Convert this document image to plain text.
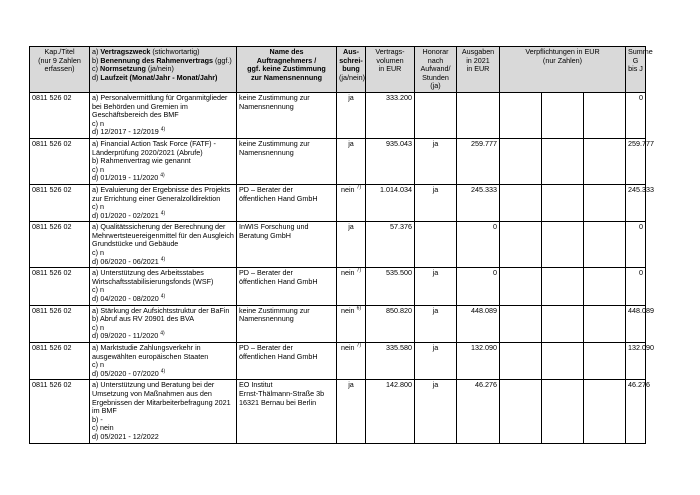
Kap./Titel
(nur 9 Zahlen
erfassen)	a) Vertragszweck (stichwortartig)
b) Benennung des Rahmenvertrags (ggf.)
c) Normsetzung (ja/nein)
d) Laufzeit (Monat/Jahr - Monat/Jahr)	Name des
Auftragnehmers /
ggf. keine Zustimmung
zur Namensnennung	Aus-
schrei-
bung
(ja/nein)	Vertrags-
volumen
in EUR	Honorar
nach
Aufwand/
Stunden
(ja)	Ausgaben
in 2021
in EUR	Verpflichtungen in EUR
(nur Zahlen)			Summe
G bis J

0811 526 02	a) Personalvermittlung für Organmitglieder bei Behörden und Gremien im Geschäftsbereich des BMF
c) n
d) 12/2017 - 12/2019 $^{4)}$	keine Zustimmung zur
Namensnennung	ja	333.200						0
0811 526 02	a) Financial Action Task Force (FATF) - Länderprüfung 2020/2021 (Abrufe)
b) Rahmenvertrag wie genannt
c) n
d) 01/2019 - 11/2020 $^{4)}$	keine Zustimmung zur
Namensnennung	ja	935.043	ja	259.777				259.777
0811 526 02	a) Evaluierung der Ergebnisse des Projekts zur Errichtung einer Generalzolldirektion
c) n
d) 01/2020 - 02/2021 $^{4)}$	PD – Berater der
öffentlichen Hand GmbH	nein $^{7)}$	1.014.034	ja	245.333				245.333
0811 526 02	a) Qualitätssicherung der Berechnung der Mehrwertsteuereigenmittel für den Ausgleich Grundstücke und Gebäude
c) n
d) 06/2020 - 06/2021 $^{4)}$	InWIS Forschung und
Beratung GmbH	ja	57.376		0				0
0811 526 02	a) Unterstützung des Arbeitsstabes Wirtschaftsstabilisierungsfonds (WSF)
c) n
d) 04/2020 - 08/2020 $^{4)}$	PD – Berater der
öffentlichen Hand GmbH	nein $^{7)}$	535.500	ja	0				0
0811 526 02	a) Stärkung der Aufsichtsstruktur der BaFin
b) Abruf aus RV 20901 des BVA
c) n
d) 09/2020 - 11/2020 $^{4)}$	keine Zustimmung zur
Namensnennung	nein $^{6)}$	850.820	ja	448.089				448.089
0811 526 02	a) Marktstudie Zahlungsverkehr in ausgewählten europäischen Staaten
c) n
d) 05/2020 - 07/2020 $^{4)}$	PD – Berater der
öffentlichen Hand GmbH	nein $^{7)}$	335.580	ja	132.090				132.090
0811 526 02	a) Unterstützung und Beratung bei der Umsetzung von Maßnahmen aus den Ergebnissen der Mitarbeiterbefragung 2021 im BMF
b) -
c) nein
d) 05/2021 - 12/2022	EO Institut
Ernst-Thälmann-Straße 3b
16321 Bernau bei Berlin	ja	142.800	ja	46.276				46.276
